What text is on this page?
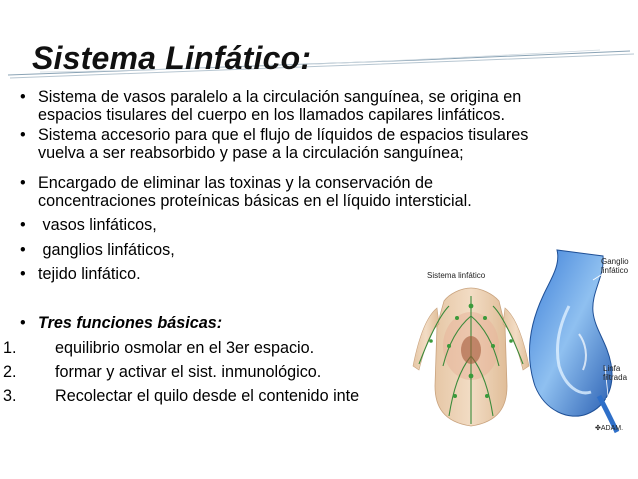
Sistema Linfático:
• Sistema de vasos paralelo a la circulación sanguínea, se origina en
espacios tisulares del cuerpo en los llamados capilares linfáticos.
• Sistema accesorio para que el flujo de líquidos de espacios tisulares
vuelva a ser reabsorbido y pase a la circulación sanguínea;
• Encargado de eliminar las toxinas y la conservación de
concentraciones proteínicas básicas en el líquido intersticial.
• vasos linfáticos,
• ganglios linfáticos,
• tejido linfático.
• Tres funciones básicas:
1. equilibrio osmolar en el 3er espacio.
2. formar y activar el sist. inmunológico.
3. Recolectar el quilo desde el contenido inte
Sistema linfático
Ganglio
linfático
Linfa
filtrada
✤ADAM.
